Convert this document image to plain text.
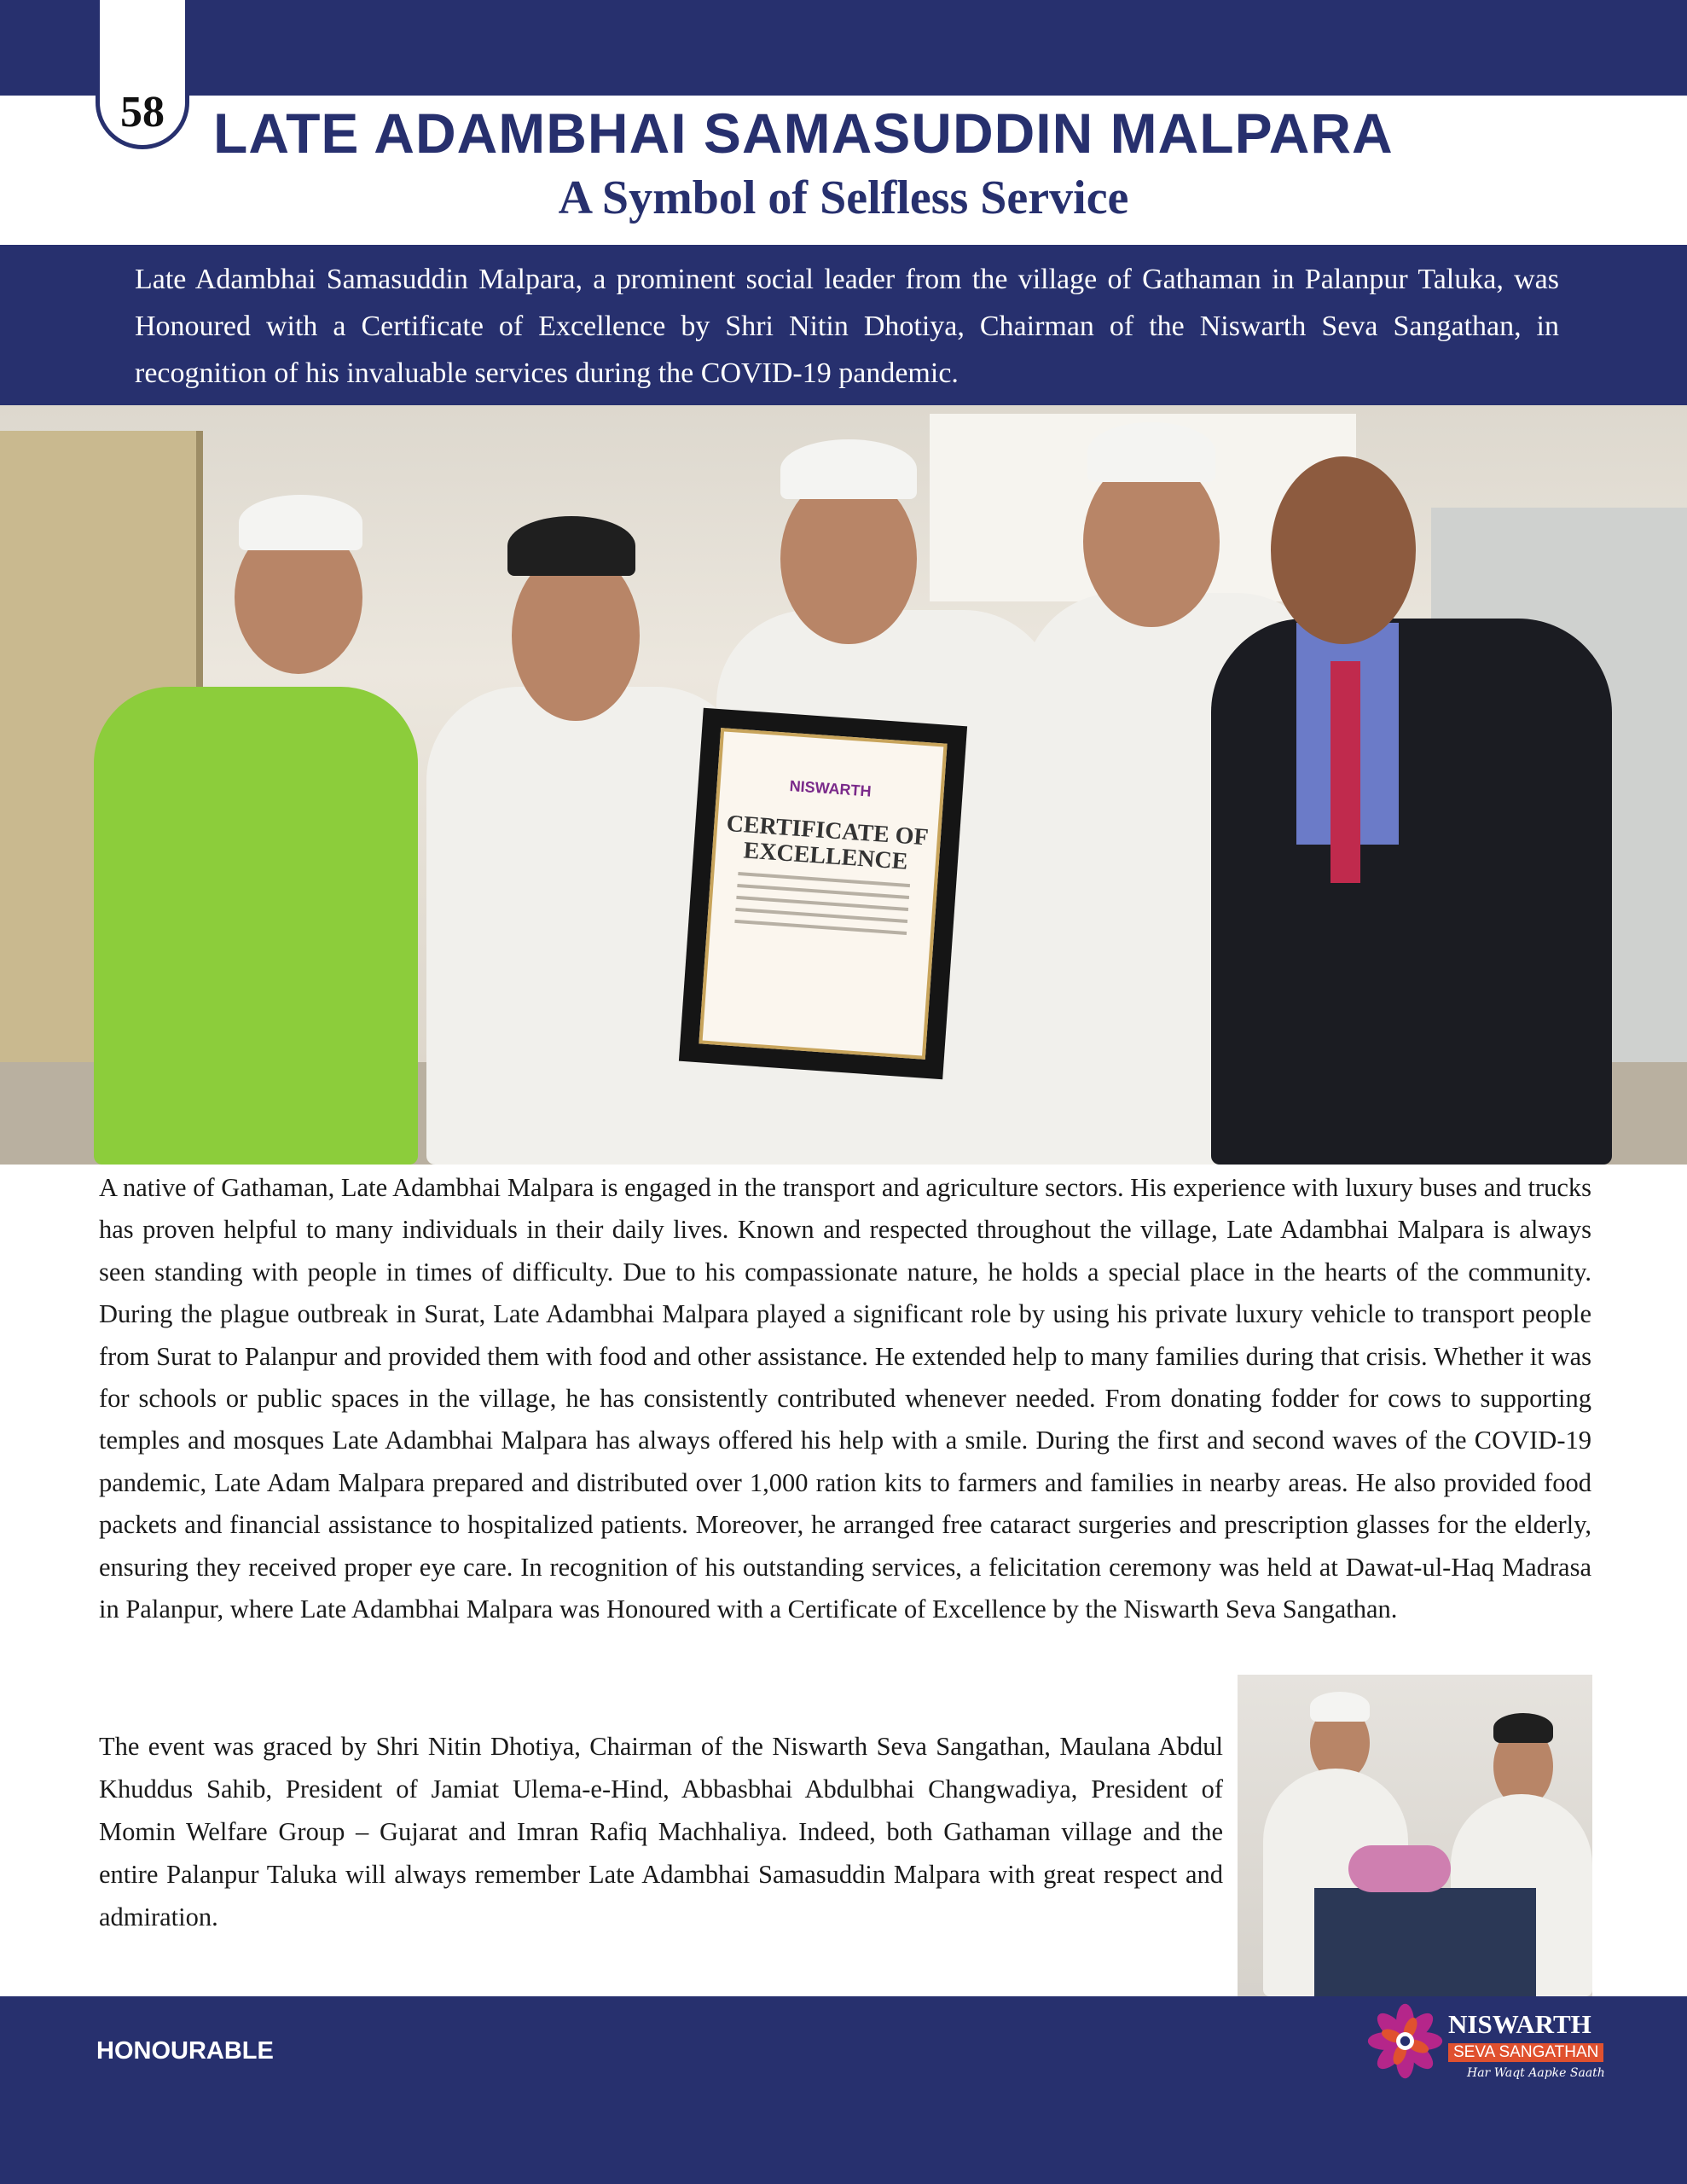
58 LATE ADAMBHAI SAMASUDDIN MALPARA
A Symbol of Selfless Service
Late Adambhai Samasuddin Malpara, a prominent social leader from the village of Gathaman in Palanpur Taluka, was Honoured with a Certificate of Excellence by Shri Nitin Dhotiya, Chairman of the Niswarth Seva Sangathan, in recognition of his invaluable services during the COVID-19 pandemic.
NISWARTH
CERTIFICATE OF EXCELLENCE

A native of Gathaman, Late Adambhai Malpara is engaged in the transport and agriculture sectors. His experience with luxury buses and trucks has proven helpful to many individuals in their daily lives. Known and respected throughout the village, Late Adambhai Malpara is always seen standing with people in times of difficulty. Due to his compassionate nature, he holds a special place in the hearts of the community. During the plague outbreak in Surat, Late Adambhai Malpara played a significant role by using his private luxury vehicle to transport people from Surat to Palanpur and provided them with food and other assistance. He extended help to many families during that crisis. Whether it was for schools or public spaces in the village, he has consistently contributed whenever needed. From donating fodder for cows to supporting temples and mosques Late Adambhai Malpara has always offered his help with a smile. During the first and second waves of the COVID-19 pandemic, Late Adam Malpara prepared and distributed over 1,000 ration kits to farmers and families in nearby areas. He also provided food packets and financial assistance to hospitalized patients. Moreover, he arranged free cataract surgeries and prescription glasses for the elderly, ensuring they received proper eye care. In recognition of his outstanding services, a felicitation ceremony was held at Dawat-ul-Haq Madrasa in Palanpur, where Late Adambhai Malpara was Honoured with a Certificate of Excellence by the Niswarth Seva Sangathan.

The event was graced by Shri Nitin Dhotiya, Chairman of the Niswarth Seva Sangathan, Maulana Abdul Khuddus Sahib, President of Jamiat Ulema-e-Hind, Abbasbhai Abdulbhai Changwadiya, President of Momin Welfare Group – Gujarat and Imran Rafiq Machhaliya. Indeed, both Gathaman village and the entire Palanpur Taluka will always remember Late Adambhai Samasuddin Malpara with great respect and admiration.

HONOURABLE
NISWARTH
SEVA SANGATHAN
Har Waqt Aapke Saath
